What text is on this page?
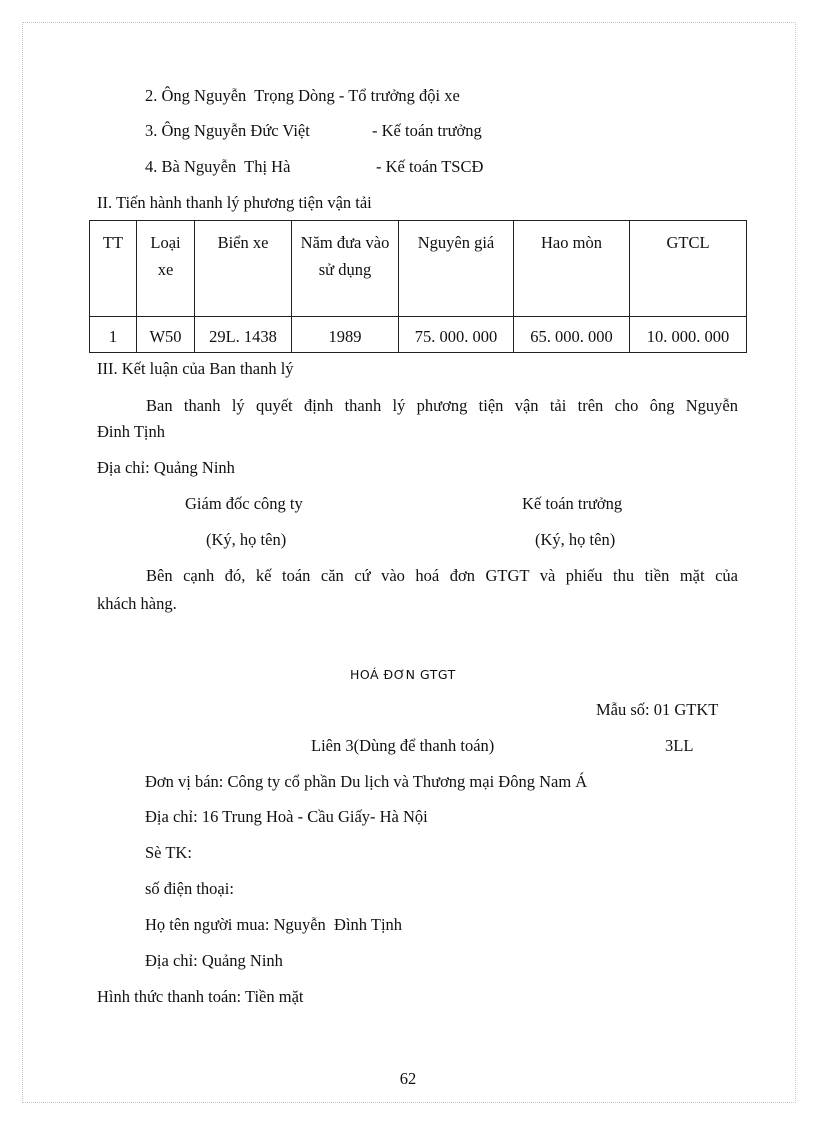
2. Ông Nguyễn  Trọng Dòng - Tổ trưởng đội xe
3. Ông Nguyễn Đức Việt	- Kế toán trưởng
4. Bà Nguyễn  Thị Hà	- Kế toán TSCĐ
II. Tiến hành thanh lý phương tiện vận tải
TT	Loại xe	Biển xe	Năm đưa vào sử dụng	Nguyên giá	Hao mòn	GTCL
1	W50	29L. 1438	1989	75. 000. 000	65. 000. 000	10. 000. 000
III. Kết luận của Ban thanh lý
Ban thanh lý quyết định thanh lý phương tiện vận tải trên cho ông Nguyễn
Đinh Tịnh
Địa chỉ: Quảng Ninh
Giám đốc công ty
(Ký, họ tên)
Kế toán trưởng
(Ký, họ tên)
Bên cạnh đó, kế toán căn cứ vào hoá đơn GTGT và phiếu thu tiền mặt của
khách hàng.
HOÁ ĐƠN GTGT
Mẫu số: 01 GTKT
Liên 3(Dùng để thanh toán)	3LL
Đơn vị bán: Công ty cổ phần Du lịch và Thương mại Đông Nam Á
Địa chỉ: 16 Trung Hoà - Cầu Giấy- Hà Nội
Sè TK:
số điện thoại:
Họ tên người mua: Nguyễn  Đình Tịnh
Địa chỉ: Quảng Ninh
Hình thức thanh toán: Tiền mặt
62
